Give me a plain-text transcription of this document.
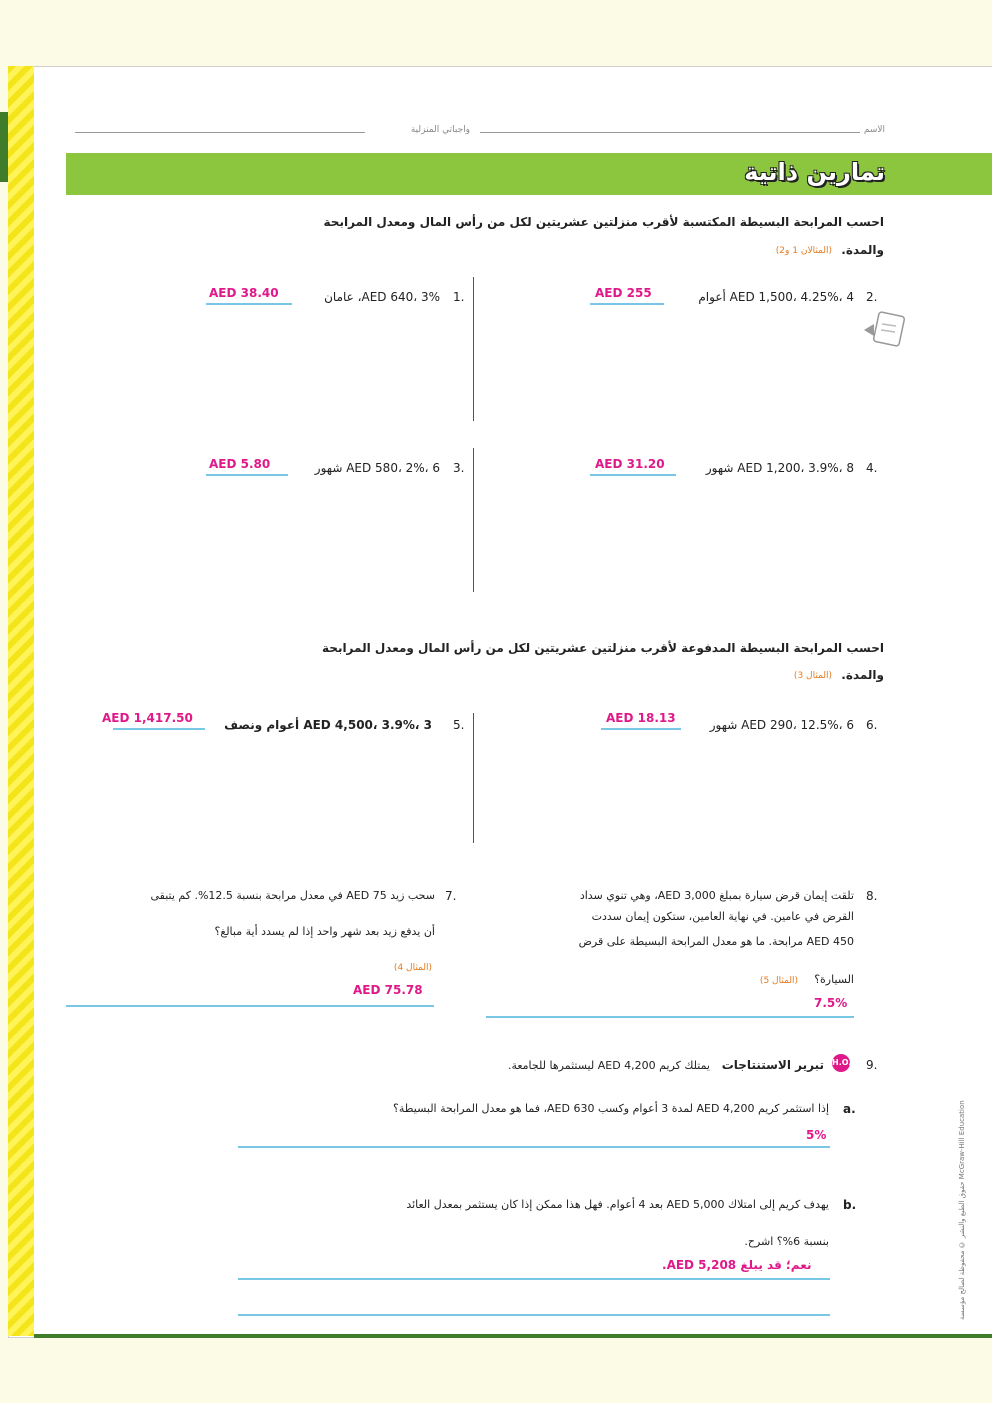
الاسم
واجباتي المنزلية
تمارين ذاتية
احسب المرابحة البسيطة المكتسبة لأقرب منزلتين عشريتين لكل من رأس المال ومعدل المرابحة
والمدة.
(المثالان 1 و2)
2.
AED 1,500، 4.25%، 4 أعوام
AED 255
1.
AED 640، 3%، عامان
AED 38.40
4.
AED 1,200، 3.9%، 8 شهور
AED 31.20
3.
AED 580، 2%، 6 شهور
AED 5.80
احسب المرابحة البسيطة المدفوعة لأقرب منزلتين عشريتين لكل من رأس المال ومعدل المرابحة
والمدة.
(المثال 3)
6.
AED 290، 12.5%، 6 شهور
AED 18.13
5.
AED 4,500، 3.9%، 3 أعوام ونصف
AED 1,417.50
8.
تلقت إيمان قرض سيارة بمبلغ AED 3,000، وهي تنوي سداد
القرض في عامين. في نهاية العامين، ستكون إيمان سددت
AED 450 مرابحة. ما هو معدل المرابحة البسيطة على قرض
السيارة؟
(المثال 5)
7.5%
7.
سحب زيد AED 75 في معدل مرابحة بنسبة 12.5%. كم يتبقى
أن يدفع زيد بعد شهر واحد إذا لم يسدد أية مبالغ؟
(المثال 4)
AED 75.78
9.
H.O.T.
تبرير الاستنتاجات
يمتلك كريم AED 4,200 ليستثمرها للجامعة.
a.
إذا استثمر كريم AED 4,200 لمدة 3 أعوام وكسب AED 630، فما هو معدل المرابحة البسيطة؟
5%
b.
يهدف كريم إلى امتلاك AED 5,000 بعد 4 أعوام. فهل هذا ممكن إذا كان يستثمر بمعدل العائد
بنسبة 6%؟ اشرح.
نعم؛ قد يبلغ AED 5,208.	حقوق الطبع والنشر © محفوظة لصالح مؤسسة McGraw-Hill Education
